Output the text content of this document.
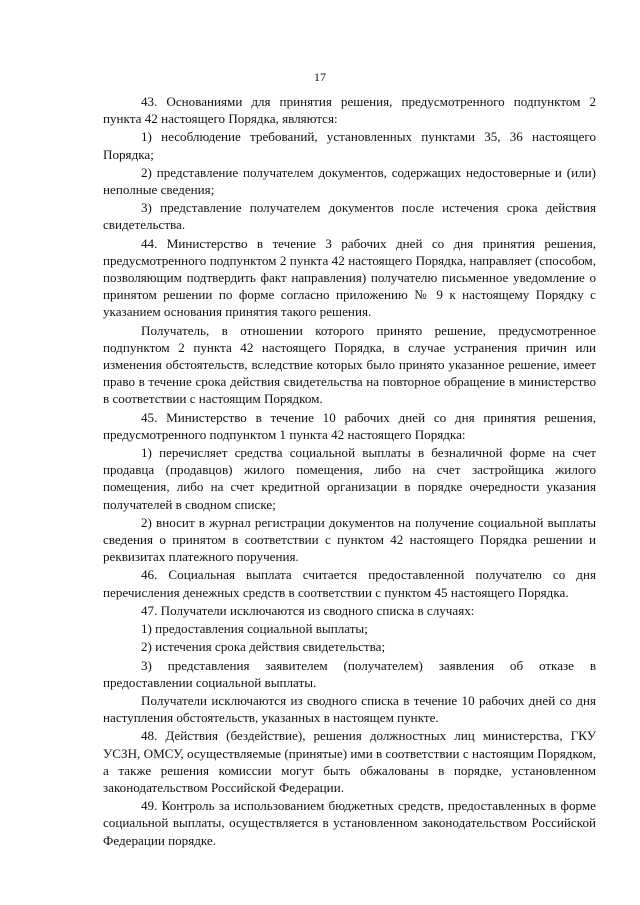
17

43. Основаниями для принятия решения, предусмотренного подпунктом 2 пункта 42 настоящего Порядка, являются:

1) несоблюдение требований, установленных пунктами 35, 36 настоящего Порядка;

2) представление получателем документов, содержащих недостоверные и (или) неполные сведения;

3) представление получателем документов после истечения срока действия свидетельства.

44. Министерство в течение 3 рабочих дней со дня принятия решения, предусмотренного подпунктом 2 пункта 42 настоящего Порядка, направляет (способом, позволяющим подтвердить факт направления) получателю письменное уведомление о принятом решении по форме согласно приложению № 9 к настоящему Порядку с указанием основания принятия такого решения.

Получатель, в отношении которого принято решение, предусмотренное подпунктом 2 пункта 42 настоящего Порядка, в случае устранения причин или изменения обстоятельств, вследствие которых было принято указанное решение, имеет право в течение срока действия свидетельства на повторное обращение в министерство в соответствии с настоящим Порядком.

45. Министерство в течение 10 рабочих дней со дня принятия решения, предусмотренного подпунктом 1 пункта 42 настоящего Порядка:

1) перечисляет средства социальной выплаты в безналичной форме на счет продавца (продавцов) жилого помещения, либо на счет застройщика жилого помещения, либо на счет кредитной организации в порядке очередности указания получателей в сводном списке;

2) вносит в журнал регистрации документов на получение социальной выплаты сведения о принятом в соответствии с пунктом 42 настоящего Порядка решении и реквизитах платежного поручения.

46. Социальная выплата считается предоставленной получателю со дня перечисления денежных средств в соответствии с пунктом 45 настоящего Порядка.

47. Получатели исключаются из сводного списка в случаях:

1) предоставления социальной выплаты;

2) истечения срока действия свидетельства;

3) представления заявителем (получателем) заявления об отказе в предоставлении социальной выплаты.

Получатели исключаются из сводного списка в течение 10 рабочих дней со дня наступления обстоятельств, указанных в настоящем пункте.

48. Действия (бездействие), решения должностных лиц министерства, ГКУ УСЗН, ОМСУ, осуществляемые (принятые) ими в соответствии с настоящим Порядком, а также решения комиссии могут быть обжалованы в порядке, установленном законодательством Российской Федерации.

49. Контроль за использованием бюджетных средств, предоставленных в форме социальной выплаты, осуществляется в установленном законодательством Российской Федерации порядке.
